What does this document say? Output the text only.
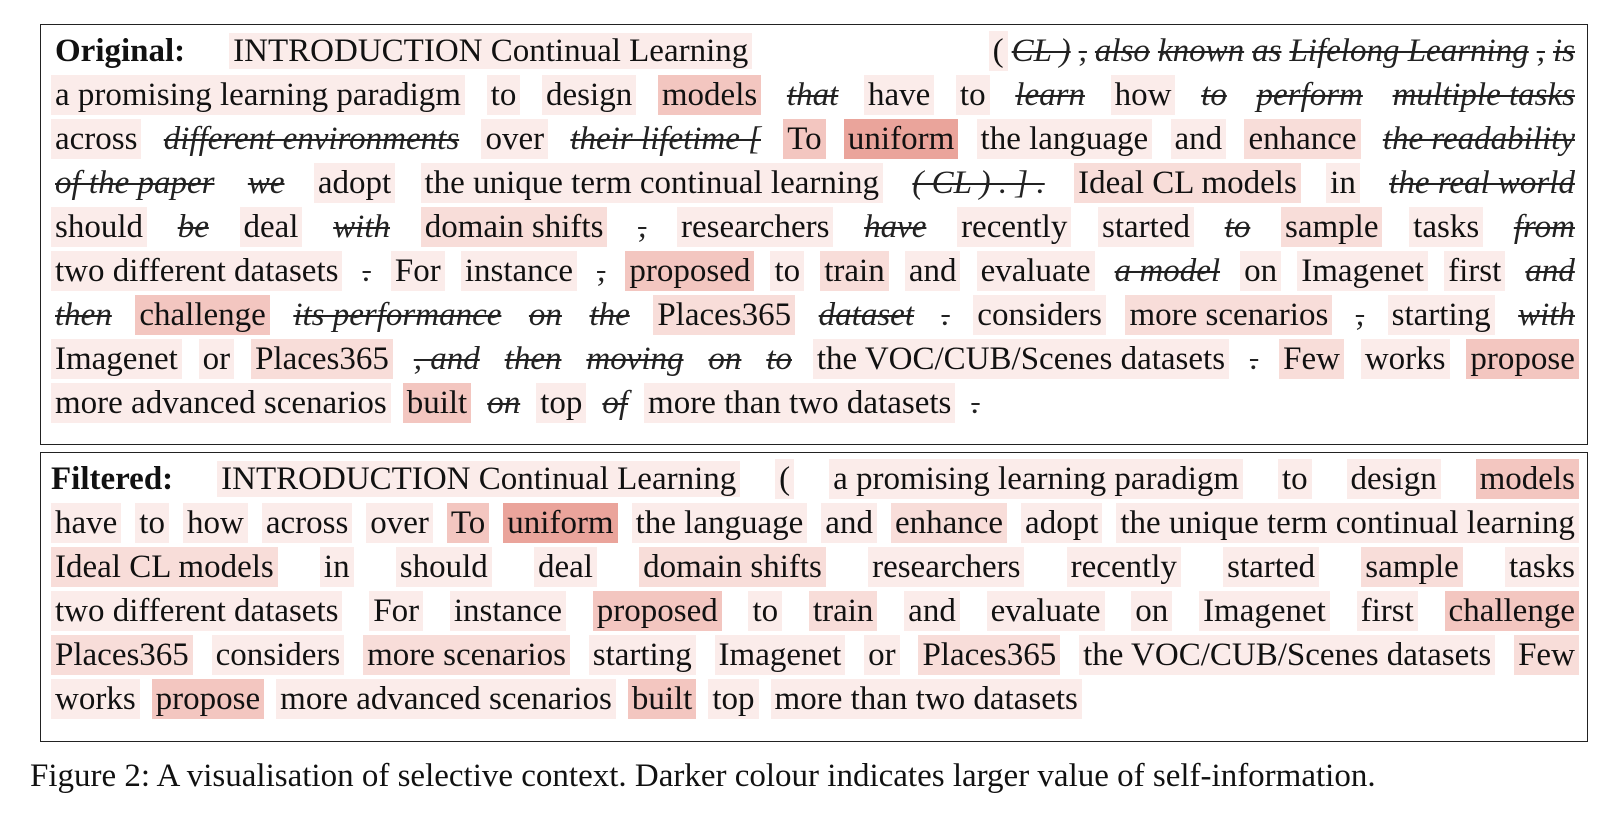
Original: INTRODUCTION Continual Learning	( CL ) , also known as Lifelong Learning , is
a promising learning paradigm to design models that have to learn how to perform multiple tasks
across different environments over their lifetime [ To uniform the language and enhance the readability
of the paper we adopt the unique term continual learning ( CL ) . ] . Ideal CL models in the real world
should be deal with domain shifts , researchers have recently started to sample tasks from
two different datasets . For instance , proposed to train and evaluate a model on Imagenet first and
then challenge its performance on the Places365 dataset . considers more scenarios , starting with
Imagenet or Places365 , and then moving on to the VOC/CUB/Scenes datasets . Few works propose
more advanced scenarios built on top of more than two datasets .
Filtered: INTRODUCTION Continual Learning ( a promising learning paradigm to design models
have to how across over To uniform the language and enhance adopt the unique term continual learning
Ideal CL models in should deal domain shifts researchers recently started sample tasks
two different datasets For instance proposed to train and evaluate on Imagenet first challenge
Places365 considers more scenarios starting Imagenet or Places365 the VOC/CUB/Scenes datasets Few
works propose more advanced scenarios built top more than two datasets
Figure 2: A visualisation of selective context. Darker colour indicates larger value of self-information.
